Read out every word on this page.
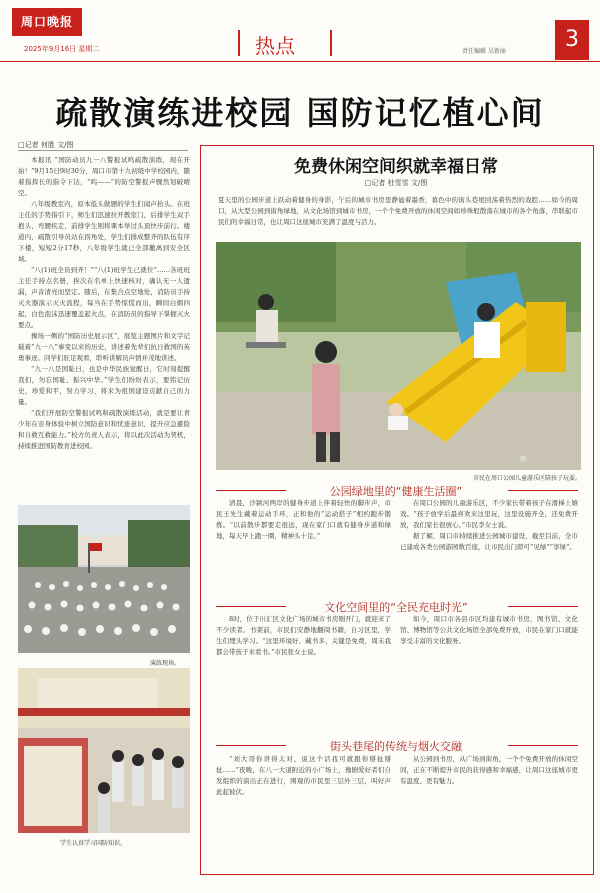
周口晚报
2025年9月16日 星期二	热点	责任编辑 吴新丽	3
疏散演练进校园 国防记忆植心间
□记者 何胜 文/图

本报讯 “国防动员九一八警报试鸣疏散演练，现在开始！”9月15日9时30分，周口市第十九初级中学校园内，随着指挥长的指令下达，“呜——”的防空警报声骤然划破晴空。

八年级教室内，原本低头做题的学生们闻声抬头。在班主任的手势指引下，师生们迅速拉开教室门，后排学生双手抱头、弯腰疾走，前排学生则将课本举过头顶快步前行。楼道内，疏散引导员站在拐角处，学生们排成整齐的队伍有序下楼，短短2分17秒，八年级学生就已全部撤离到安全区域。

“八(1)班全员到齐！”“八(1)班学生已就位”……各班班主任手持点名册，挨次在名单上快速核对，确认无一人遗漏，声音清亮而坚定。随后，在集合点空地处，消防员手持灭火器演示灭火流程，每当在手势惊慌而出，瞬间白烟四起，白色泡沫迅速覆盖起火点，在消防员的指导下掌握灭火要点。

操场一侧的“国防历史展示区”，展览主题图片和文字记载着“九一八”事变以来的历史，讲述着先辈们抗日救国的英勇事迹。同学们驻足观看，聆听讲解员声情并茂地讲述。

“九一八是国耻日，也是中华民族觉醒日，它时刻提醒我们，勿忘国耻、振兴中华。”学生们纷纷表示，要铭记历史，珍爱和平，努力学习，将来为祖国建设贡献自己的力量。

“我们开展防空警报试鸣和疏散演练活动，就是要让青少年在亲身体验中树立国防意识和忧患意识，提升应急避险和自救互救能力。”校方负责人表示，将以此次活动为契机，持续推进国防教育进校园。

演练现场。
学生认真学习国防知识。
免费休闲空间织就幸福日常
□记者 杜雪雪 文/图
夏天里的公园步道上跃动着健身的身影，午后的城市书房里静谧着墨香，暮色中的街头巷尾回荡着热烈的戏腔……如今的周口，从大型公园到街角绿地，从文化场馆到城市书房，一个个免费开放的休闲空间如珍珠般散落在城市的各个角落，串联起市民们的幸福日常，也让周口这座城市充满了温度与活力。
图
市民在周口公园儿童游乐区陪孩子玩耍。
公园绿地里的“健康生活圈”

清晨，沙颍河两岸的健身步道上伴着轻快的脚步声，市民王先生戴着运动手环，正和他的“运动搭子”相约跑步锻炼。“以前散步都要走很远，现在家门口就有健身步道和绿地，每天早上跑一圈，精神头十足。”

在周口公园的儿童游乐区，不少家长带着孩子在滑梯上嬉戏。“孩子放学后最喜欢来这里玩，这里设施齐全，还免费开放，我们家长很放心。”市民李女士说。

据了解，周口市持续推进公园城市建设，截至目前，全市已建成各类公园游园数百座，让市民出门即可“见绿”“享绿”。

文化空间里的“全民充电时光”

8时，位于川汇区文化广场的城市书房刚开门，就迎来了不少读者。书架前，市民们安静地翻阅书籍，自习区里，学生们埋头学习。“这里环境好、藏书多，关键是免费，周末我都会带孩子来看书。”市民张女士说。

如今，周口市各县市区均建有城市书房，图书馆、文化馆、博物馆等公共文化场馆全部免费开放，市民在家门口就能享受丰富的文化服务。

街头巷尾的传统与烟火交融

“刘大哥你讲得太对，说这个话我可就跟你掰扯掰扯……”夜晚，在八一大道附近的小广场上，豫剧爱好者们自发组织的演出正在进行，围观的市民里三层外三层，叫好声此起彼伏。

从公园到书房，从广场到街角，一个个免费开放的休闲空间，正在不断提升市民的获得感和幸福感，让周口这座城市更有温度、更有魅力。
